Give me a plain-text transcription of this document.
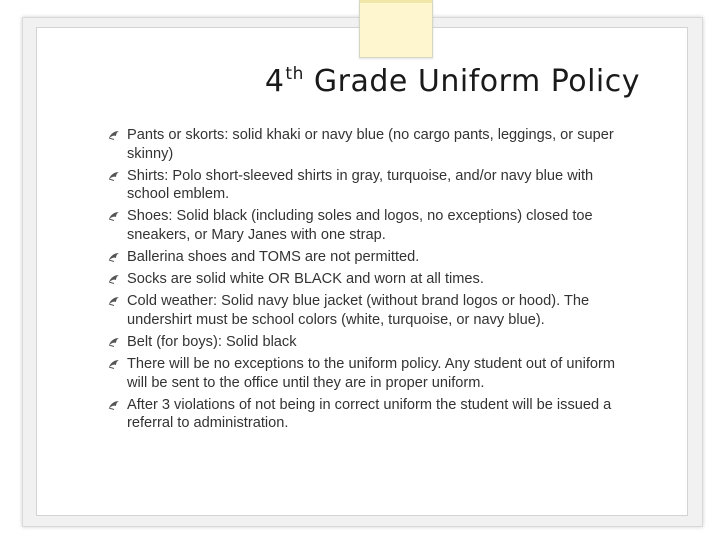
4th Grade Uniform Policy
Pants or skorts: solid khaki or navy blue (no cargo pants, leggings, or super skinny)
Shirts: Polo short-sleeved shirts in gray, turquoise, and/or navy blue with school emblem.
Shoes: Solid black (including soles and logos, no exceptions) closed toe sneakers, or Mary Janes with one strap.
Ballerina shoes and TOMS are not permitted.
Socks are solid white OR BLACK and worn at all times.
Cold weather: Solid navy blue jacket (without brand logos or hood). The undershirt must be school colors (white, turquoise, or navy blue).
Belt (for boys): Solid black
There will be no exceptions to the uniform policy. Any student out of uniform will be sent to the office until they are in proper uniform.
After 3 violations of not being in correct uniform the student will be issued a referral to administration.
